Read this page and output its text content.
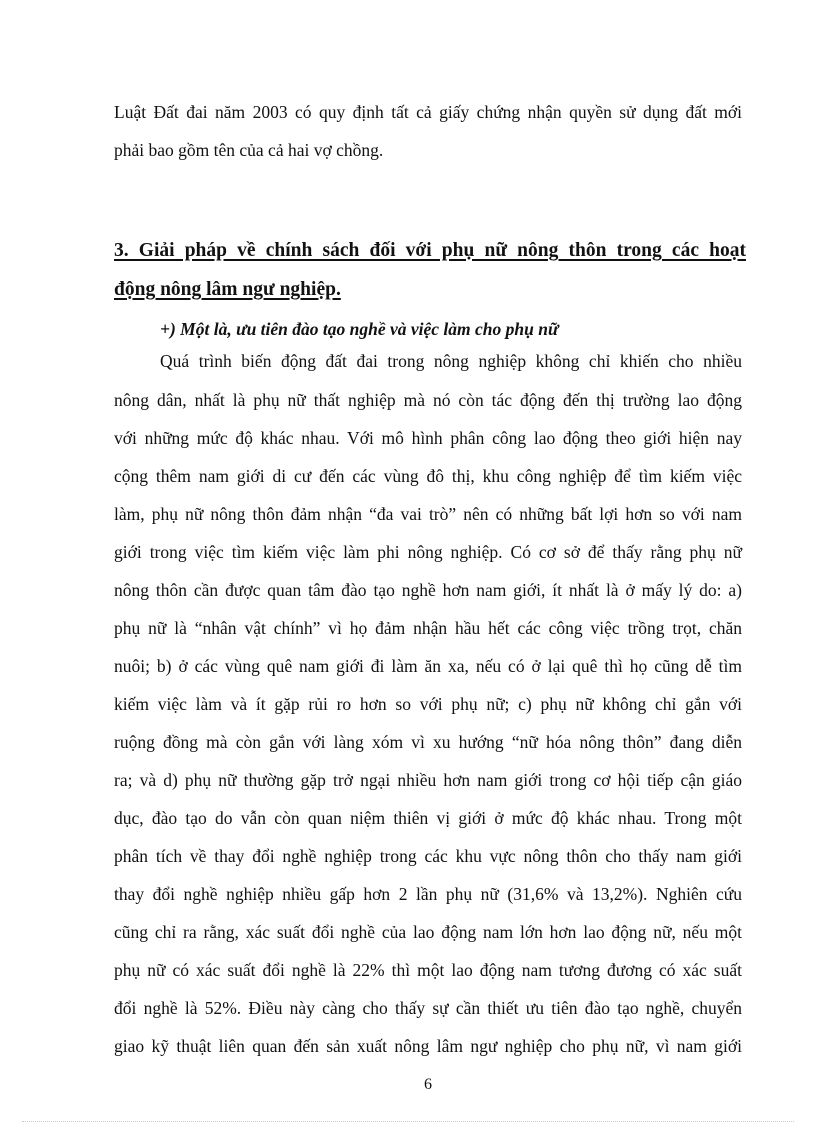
Luật Đất đai năm 2003 có quy định tất cả giấy chứng nhận quyền sử dụng đất mới
phải bao gồm tên của cả hai vợ chồng.
3. Giải pháp về chính sách đối với phụ nữ nông thôn trong các hoạt
động nông lâm ngư nghiệp.
+) Một là, ưu tiên đào tạo nghề và việc làm cho phụ nữ
Quá trình biến động đất đai trong nông nghiệp không chỉ khiến cho nhiều
nông dân, nhất là phụ nữ thất nghiệp mà nó còn tác động đến thị trường lao động
với những mức độ khác nhau. Với mô hình phân công lao động theo giới hiện nay
cộng thêm nam giới di cư đến các vùng đô thị, khu công nghiệp để tìm kiếm việc
làm, phụ nữ nông thôn đảm nhận “đa vai trò” nên có những bất lợi hơn so với nam
giới trong việc tìm kiếm việc làm phi nông nghiệp. Có cơ sở để thấy rằng phụ nữ
nông thôn cần được quan tâm đào tạo nghề hơn nam giới, ít nhất là ở mấy lý do: a)
phụ nữ là “nhân vật chính” vì họ đảm nhận hầu hết các công việc trồng trọt, chăn
nuôi; b) ở các vùng quê nam giới đi làm ăn xa, nếu có ở lại quê thì họ cũng dễ tìm
kiếm việc làm và ít gặp rủi ro hơn so với phụ nữ; c) phụ nữ không chỉ gắn với
ruộng đồng mà còn gắn với làng xóm vì xu hướng “nữ hóa nông thôn” đang diễn
ra; và d) phụ nữ thường gặp trở ngại nhiều hơn nam giới trong cơ hội tiếp cận giáo
dục, đào tạo do vẫn còn quan niệm thiên vị giới ở mức độ khác nhau. Trong một
phân tích về thay đổi nghề nghiệp trong các khu vực nông thôn cho thấy nam giới
thay đổi nghề nghiệp nhiều gấp hơn 2 lần phụ nữ (31,6% và 13,2%). Nghiên cứu
cũng chỉ ra rằng, xác suất đổi nghề của lao động nam lớn hơn lao động nữ, nếu một
phụ nữ có xác suất đổi nghề là 22% thì một lao động nam tương đương có xác suất
đổi nghề là 52%. Điều này càng cho thấy sự cần thiết ưu tiên đào tạo nghề, chuyển
giao kỹ thuật liên quan đến sản xuất nông lâm ngư nghiệp cho phụ nữ, vì nam giới
6
